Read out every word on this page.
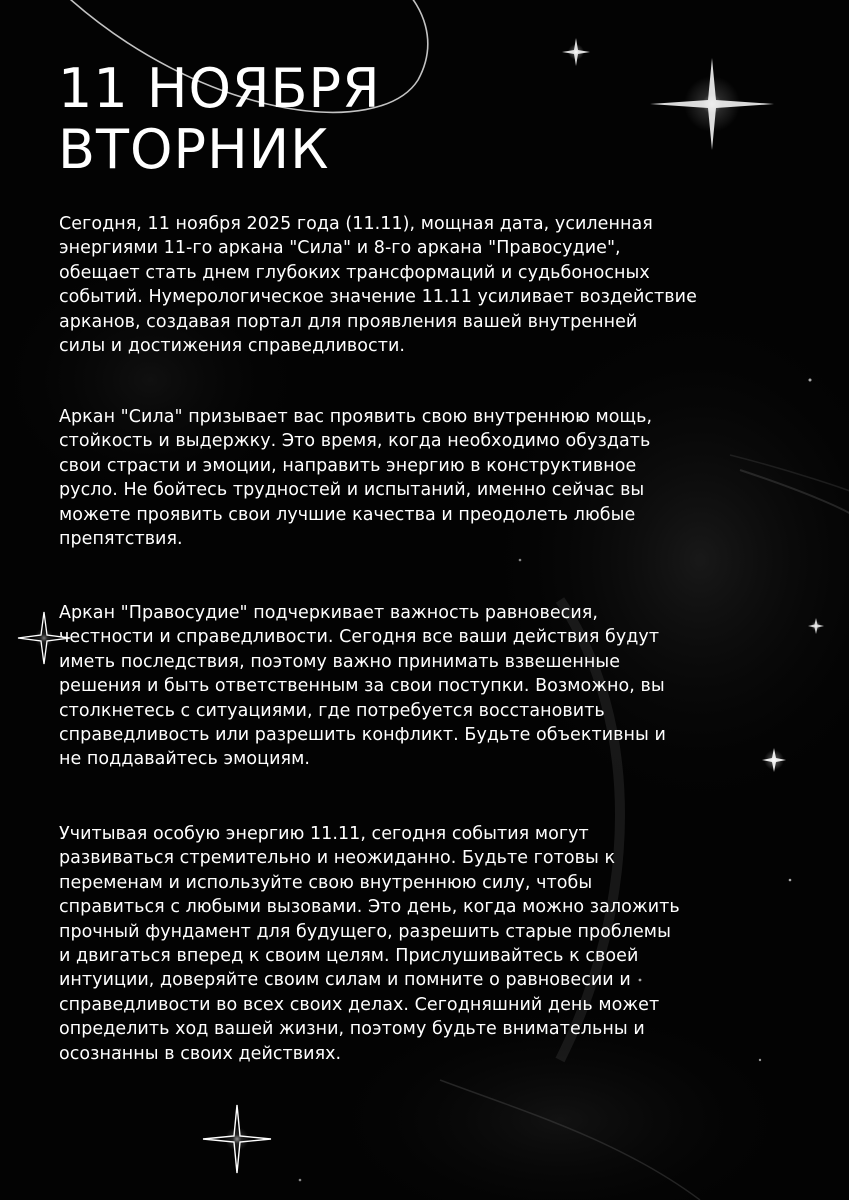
11 НОЯБРЯ
ВТОРНИК

Сегодня, 11 ноября 2025 года (11.11), мощная дата, усиленная
энергиями 11-го аркана "Сила" и 8-го аркана "Правосудие",
обещает стать днем глубоких трансформаций и судьбоносных
событий. Нумерологическое значение 11.11 усиливает воздействие
арканов, создавая портал для проявления вашей внутренней
силы и достижения справедливости.

Аркан "Сила" призывает вас проявить свою внутреннюю мощь,
стойкость и выдержку. Это время, когда необходимо обуздать
свои страсти и эмоции, направить энергию в конструктивное
русло. Не бойтесь трудностей и испытаний, именно сейчас вы
можете проявить свои лучшие качества и преодолеть любые
препятствия.

Аркан "Правосудие" подчеркивает важность равновесия,
честности и справедливости. Сегодня все ваши действия будут
иметь последствия, поэтому важно принимать взвешенные
решения и быть ответственным за свои поступки. Возможно, вы
столкнетесь с ситуациями, где потребуется восстановить
справедливость или разрешить конфликт. Будьте объективны и
не поддавайтесь эмоциям.

Учитывая особую энергию 11.11, сегодня события могут
развиваться стремительно и неожиданно. Будьте готовы к
переменам и используйте свою внутреннюю силу, чтобы
справиться с любыми вызовами. Это день, когда можно заложить
прочный фундамент для будущего, разрешить старые проблемы
и двигаться вперед к своим целям. Прислушивайтесь к своей
интуиции, доверяйте своим силам и помните о равновесии и
справедливости во всех своих делах. Сегодняшний день может
определить ход вашей жизни, поэтому будьте внимательны и
осознанны в своих действиях.
